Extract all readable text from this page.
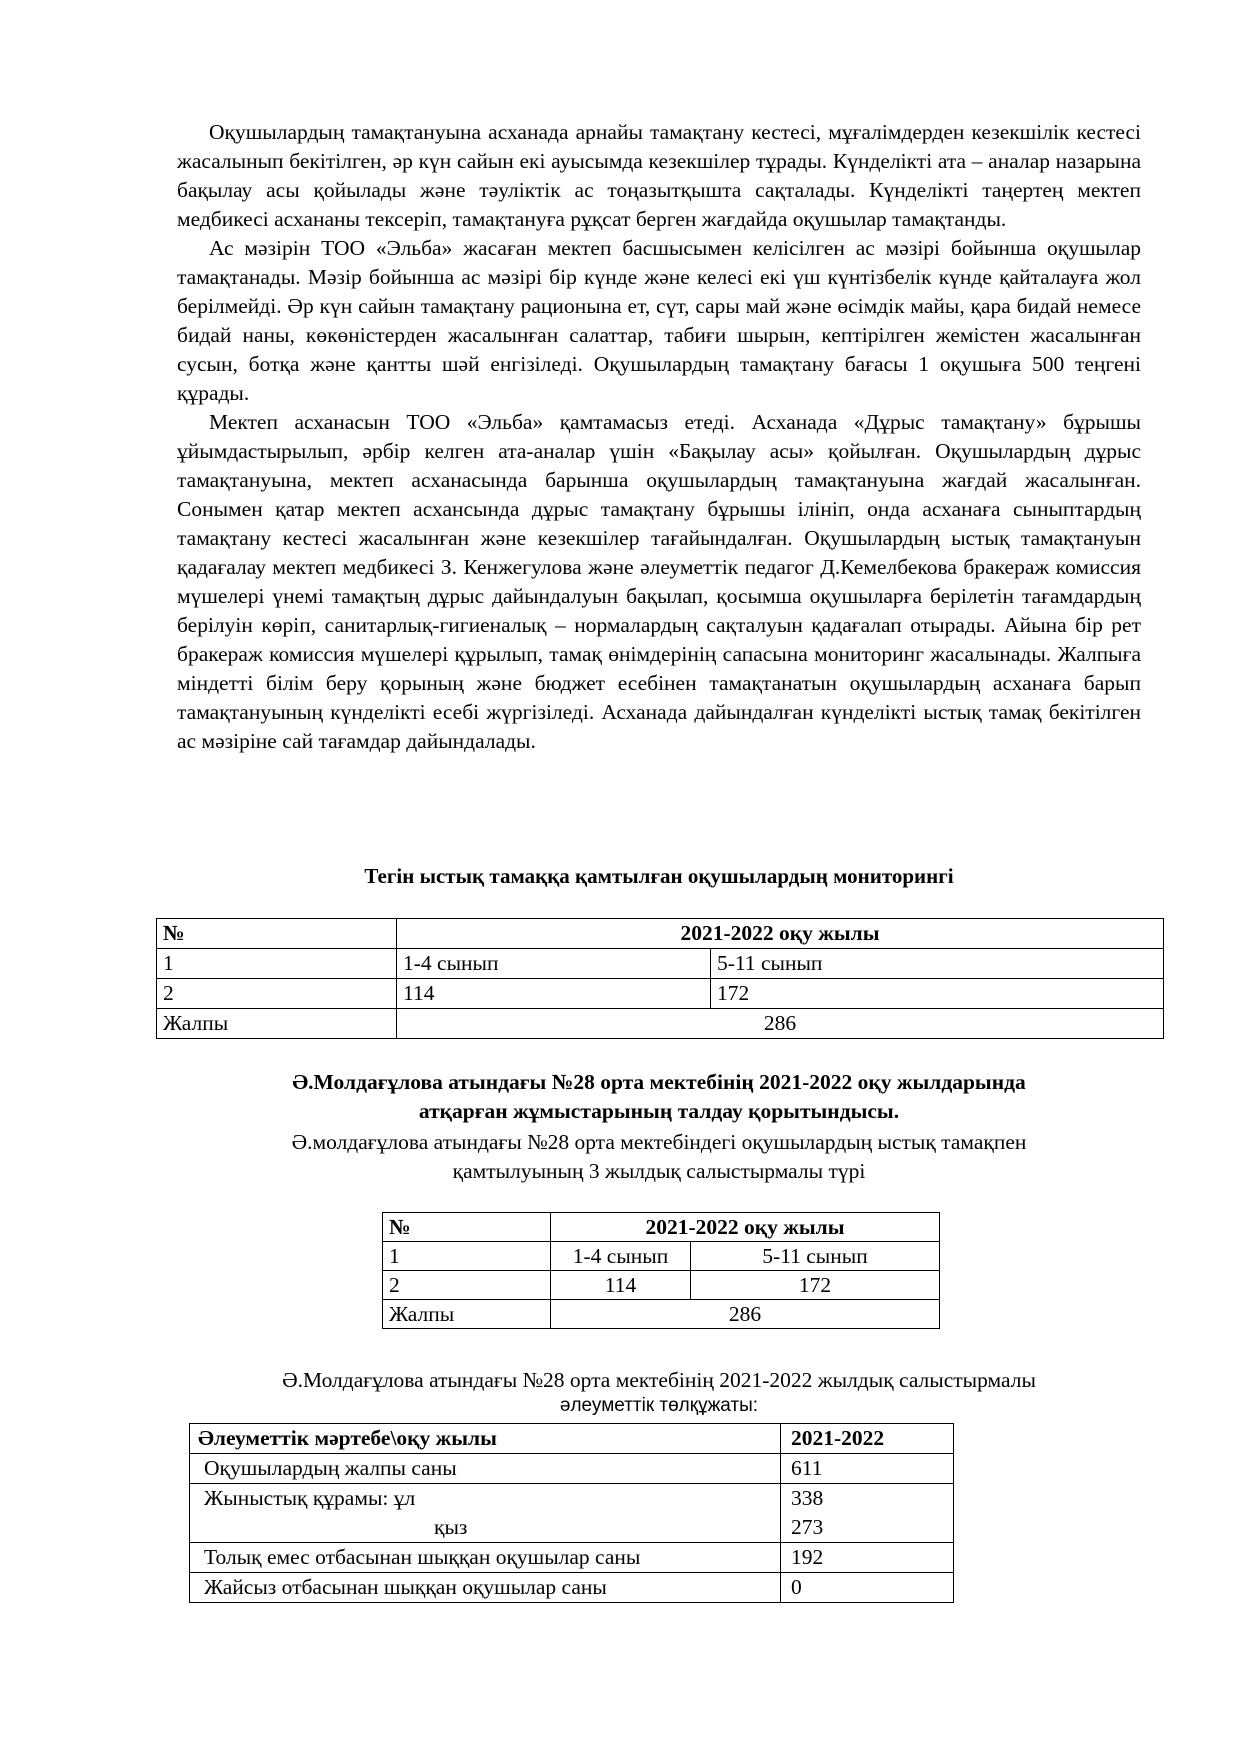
Оқушылардың тамақтануына асханада арнайы тамақтану кестесі, мұғалімдерден кезекшілік кестесі жасалынып бекітілген, әр күн сайын екі ауысымда кезекшілер тұрады. Күнделікті ата – аналар назарына бақылау асы қойылады және тәуліктік ас тоңазытқышта сақталады. Күнделікті таңертең мектеп медбикесі асхананы тексеріп, тамақтануға рұқсат берген жағдайда оқушылар тамақтанды.

Ас мәзірін ТОО «Эльба» жасаған мектеп басшысымен келісілген ас мәзірі бойынша оқушылар тамақтанады. Мәзір бойынша ас мәзірі бір күнде және келесі екі үш күнтізбелік күнде қайталауға жол берілмейді. Әр күн сайын тамақтану рационына ет, сүт, сары май және өсімдік майы, қара бидай немесе бидай наны, көкөністерден жасалынған салаттар, табиғи шырын, кептірілген жемістен жасалынған сусын, ботқа және қантты шәй енгізіледі. Оқушылардың тамақтану бағасы 1 оқушыға 500 теңгені құрады.

Мектеп асханасын ТОО «Эльба» қамтамасыз етеді. Асханада «Дұрыс тамақтану» бұрышы ұйымдастырылып, әрбір келген ата-аналар үшін «Бақылау асы» қойылған. Оқушылардың дұрыс тамақтануына, мектеп асханасында барынша оқушылардың тамақтануына жағдай жасалынған. Сонымен қатар мектеп асхансында дұрыс тамақтану бұрышы ілініп, онда асханаға сыныптардың тамақтану кестесі жасалынған және кезекшілер тағайындалған. Оқушылардың ыстық тамақтануын қадағалау мектеп медбикесі З. Кенжегулова және әлеуметтік педагог Д.Кемелбекова бракераж комиссия мүшелері үнемі тамақтың дұрыс дайындалуын бақылап, қосымша оқушыларға берілетін тағамдардың берілуін көріп, санитарлық-гигиеналық – нормалардың сақталуын қадағалап отырады. Айына бір рет бракераж комиссия мүшелері құрылып, тамақ өнімдерінің сапасына мониторинг жасалынады. Жалпыға міндетті білім беру қорының және бюджет есебінен тамақтанатын оқушылардың асханаға барып тамақтануының күнделікті есебі жүргізіледі. Асханада дайындалған күнделікті ыстық тамақ бекітілген ас мәзіріне сай тағамдар дайындалады.

Тегін ыстық тамаққа қамтылған оқушылардың мониторингі
№	2021-2022 оқу жылы	
1	1-4 сынып	5-11 сынып
2	114	172
Жалпы	286	
Ә.Молдағұлова атындағы №28 орта мектебінің 2021-2022 оқу жылдарында
атқарған жұмыстарының талдау қорытындысы.
Ә.молдағұлова атындағы №28 орта мектебіндегі оқушылардың ыстық тамақпен
қамтылуының 3 жылдық салыстырмалы түрі
№	2021-2022 оқу жылы	
1	1-4 сынып	5-11 сынып
2	114	172
Жалпы	286	
Ә.Молдағұлова атындағы №28 орта мектебінің 2021-2022 жылдық салыстырмалы
әлеуметтік төлқұжаты:
Әлеуметтік мәртебе\оқу жылы	2021-2022
Оқушылардың жалпы саны	611
Жыныстық құрамы: ұл	338
қыз	273
Толық емес отбасынан шыққан оқушылар саны	192
Жайсыз отбасынан шыққан оқушылар саны	0
